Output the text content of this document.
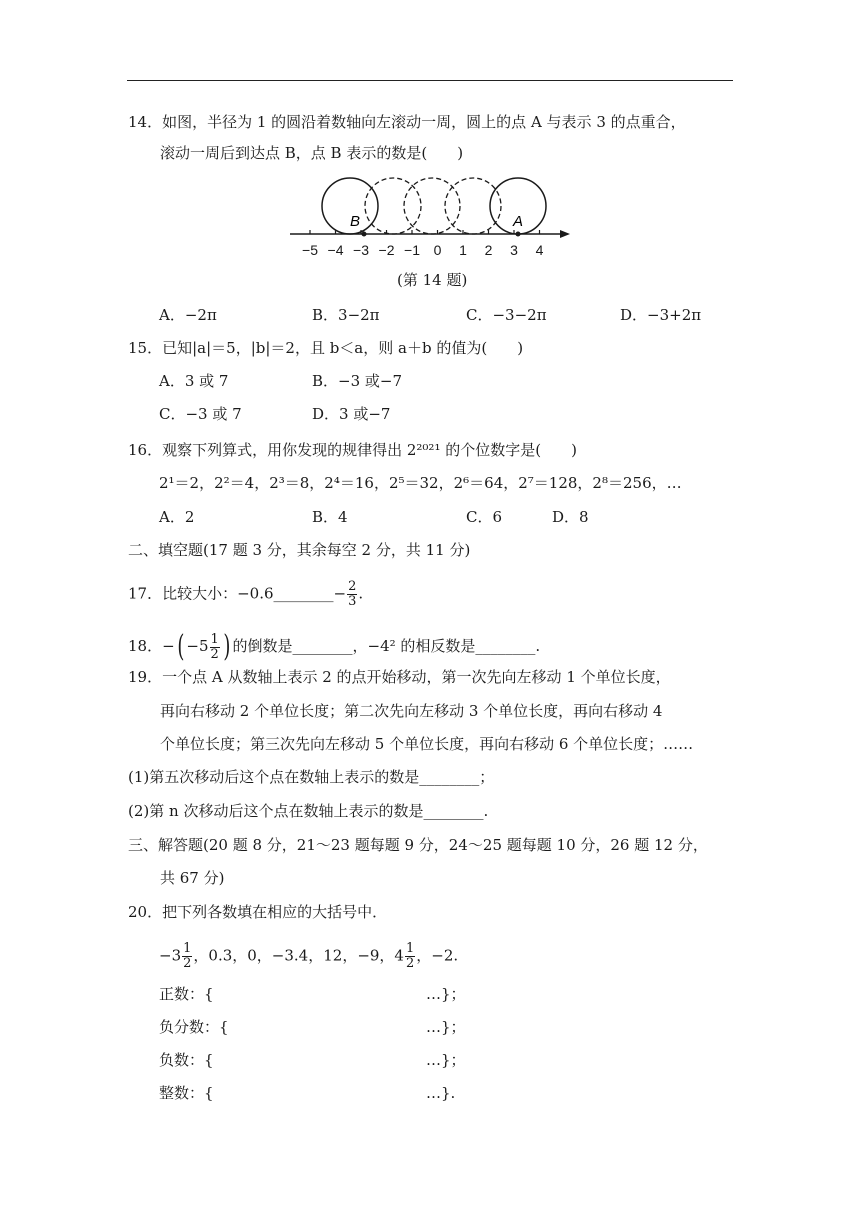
14．如图，半径为 1 的圆沿着数轴向左滚动一周，圆上的点 A 与表示 3 的点重合，
滚动一周后到达点 B，点 B 表示的数是(　　)
−5 −4 −3 −2 −1 0 1 2 3 4
B	A
(第 14 题)
A．−2π	B．3−2π	C．−3−2π	D．−3+2π
15．已知|a|＝5，|b|＝2，且 b＜a，则 a＋b 的值为(　　)
A．3 或 7	B．−3 或−7
C．−3 或 7	D．3 或−7
16．观察下列算式，用你发现的规律得出 2²⁰²¹ 的个位数字是(　　)
2¹＝2，2²＝4，2³＝8，2⁴＝16，2⁵＝32，2⁶＝64，2⁷＝128，2⁸＝256，…
A．2	B．4	C．6	D．8
二、填空题(17 题 3 分，其余每空 2 分，共 11 分)
17．比较大小：−0.6________− $\frac{2}{3}$ .
18．−( $-5 \frac{1}{2}$ ) 的倒数是________，−4² 的相反数是________.
19．一个点 A 从数轴上表示 2 的点开始移动，第一次先向左移动 1 个单位长度，
再向右移动 2 个单位长度；第二次先向左移动 3 个单位长度，再向右移动 4
个单位长度；第三次先向左移动 5 个单位长度，再向右移动 6 个单位长度；……
(1)第五次移动后这个点在数轴上表示的数是________；
(2)第 n 次移动后这个点在数轴上表示的数是________.
三、解答题(20 题 8 分，21～23 题每题 9 分，24～25 题每题 10 分，26 题 12 分，
共 67 分)
20．把下列各数填在相应的大括号中．
$-3 \frac{1}{2}$ ，0.3，0，−3.4，12，−9，$4 \frac{1}{2}$ ，−2.
正数：{	…}；
负分数：{	…}；
负数：{	…}；
整数：{	…}.
